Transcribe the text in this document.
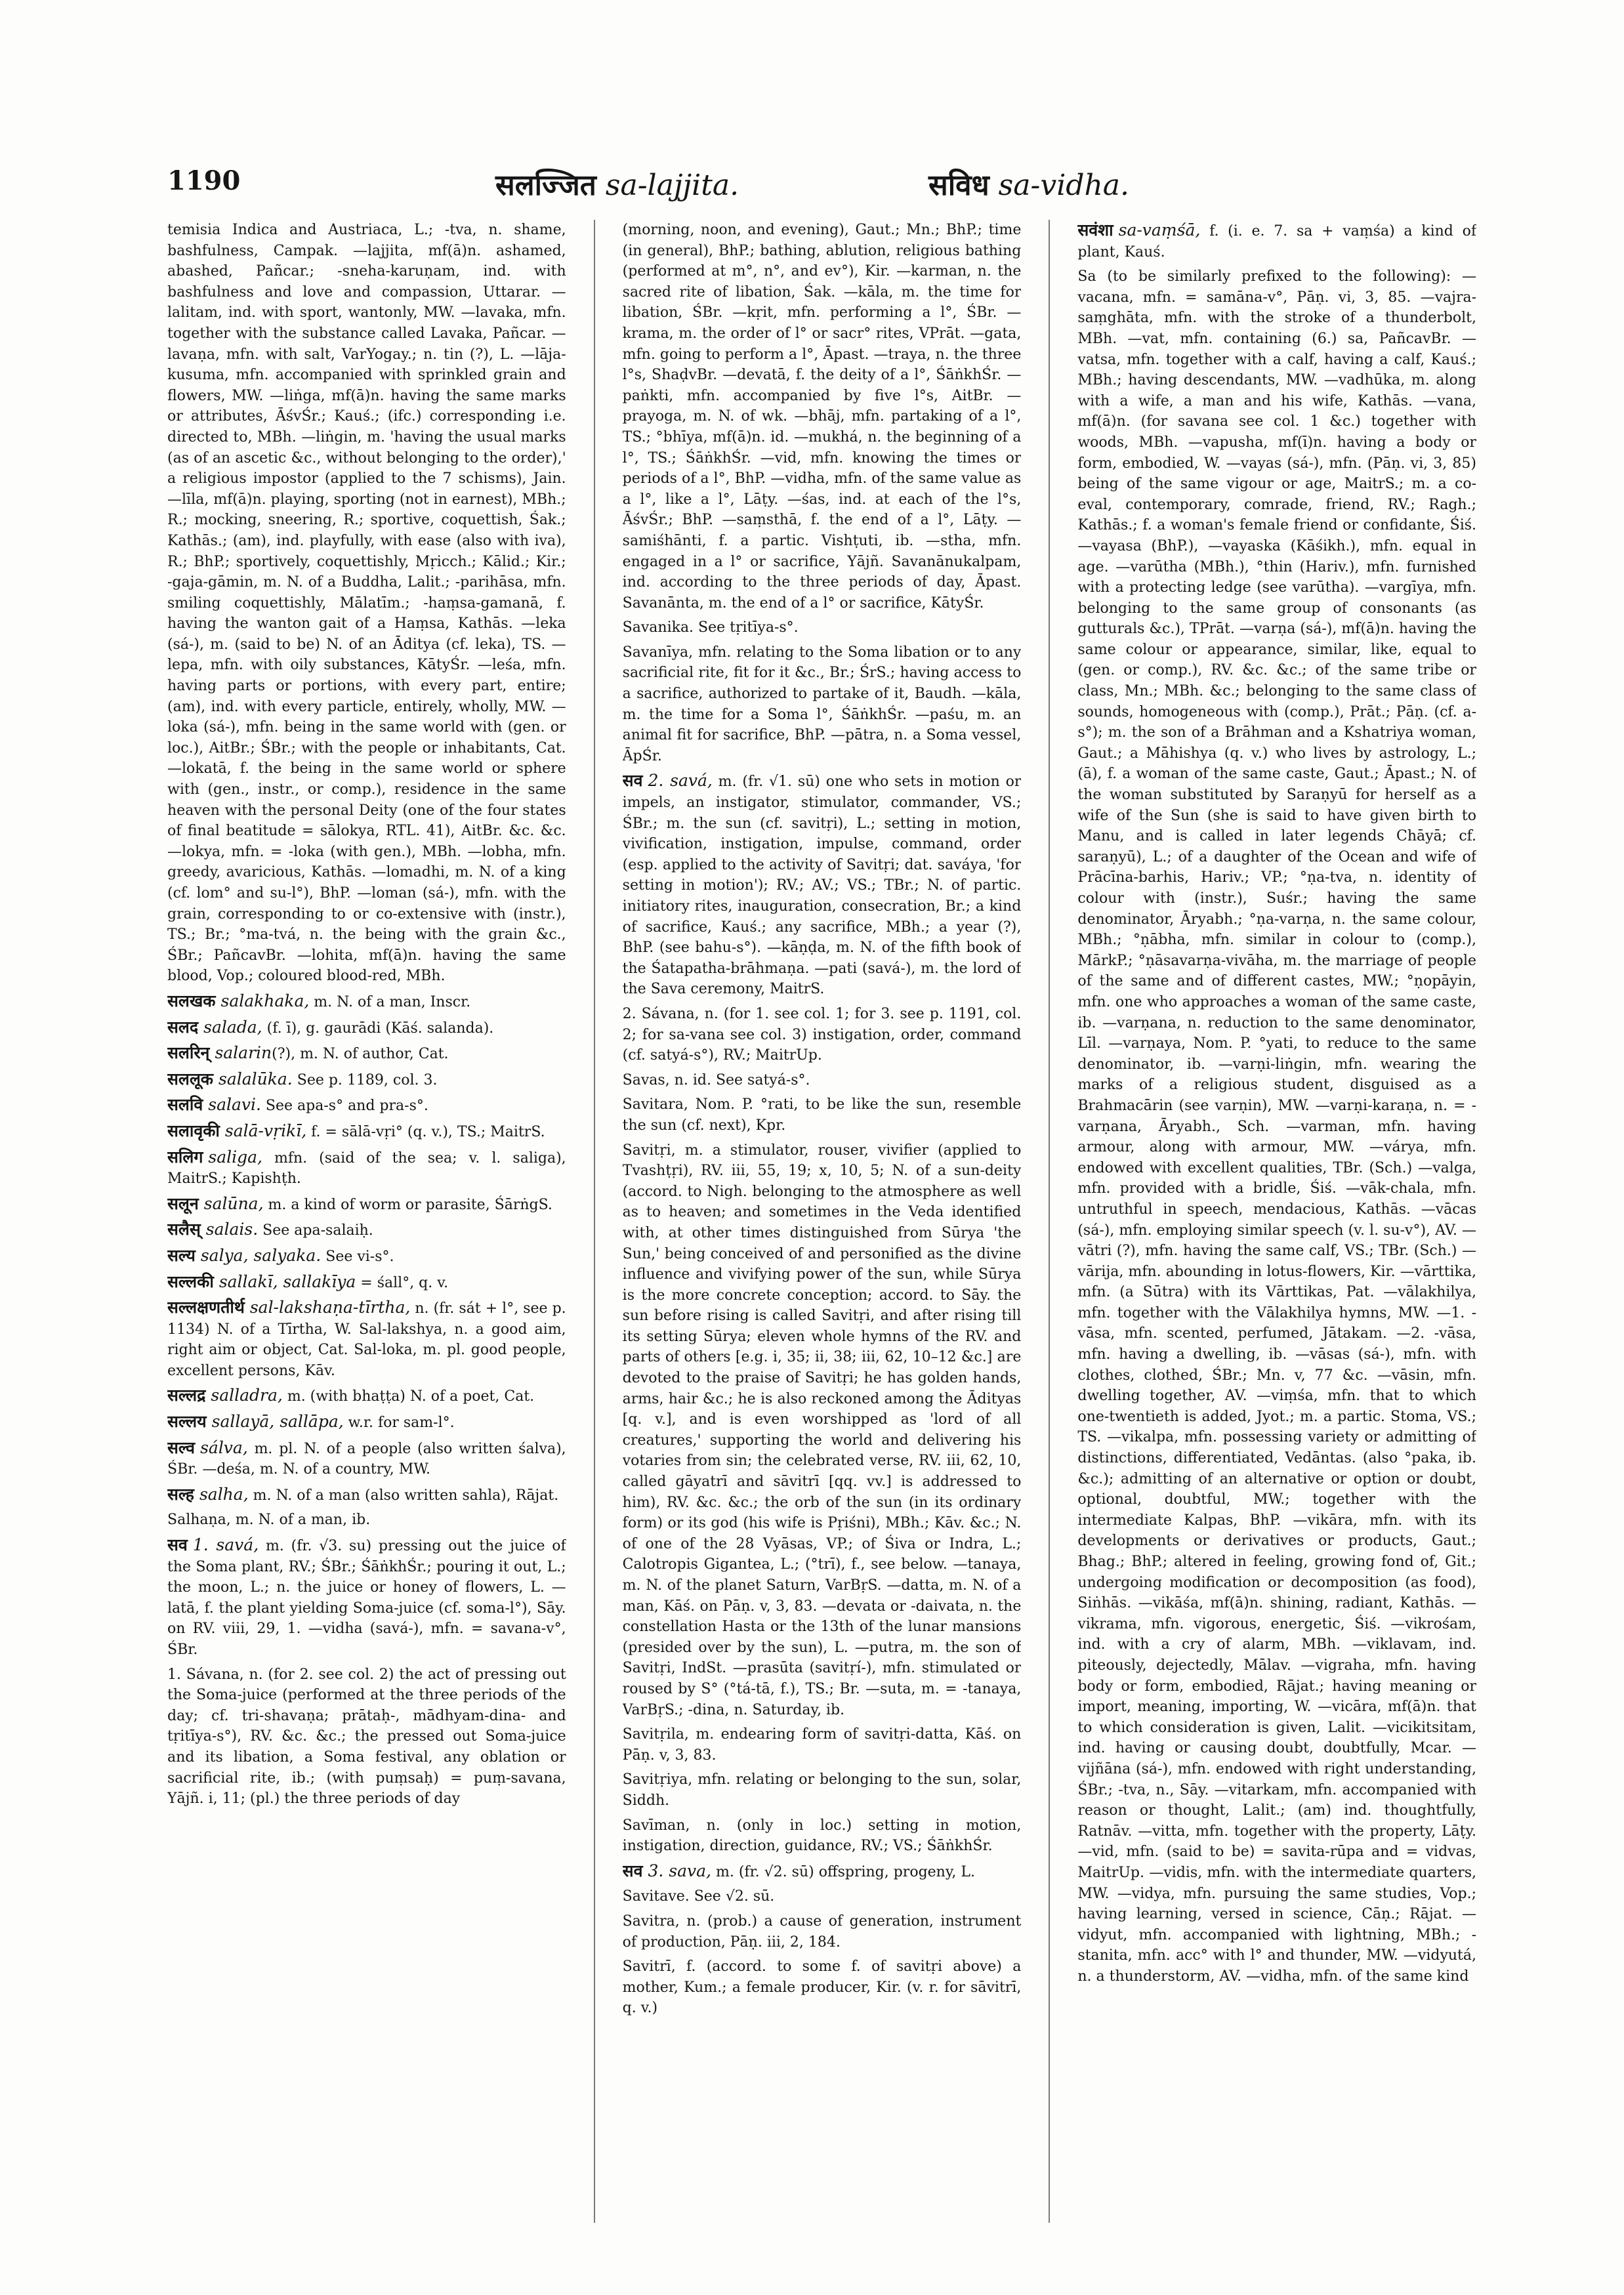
1190	सलज्जित sa-lajjita.	सविध sa-vidha.

temisia Indica and Austriaca, L.; -tva, n. shame, bashfulness, Campak. —lajjita, mf(ā)n. ashamed, abashed, Pañcar.; -sneha-karuṇam, ind. with bashfulness and love and compassion, Uttarar. —lalitam, ind. with sport, wantonly, MW. —lavaka, mfn. together with the substance called Lavaka, Pañcar. —lavaṇa, mfn. with salt, VarYogay.; n. tin (?), L. —lāja-kusuma, mfn. accompanied with sprinkled grain and flowers, MW. —liṅga, mf(ā)n. having the same marks or attributes, ĀśvŚr.; Kauś.; (ifc.) corresponding i.e. directed to, MBh. —liṅgin, m. 'having the usual marks (as of an ascetic &c., without belonging to the order),' a religious impostor (applied to the 7 schisms), Jain. —līla, mf(ā)n. playing, sporting (not in earnest), MBh.; R.; mocking, sneering, R.; sportive, coquettish, Śak.; Kathās.; (am), ind. playfully, with ease (also with iva), R.; BhP.; sportively, coquettishly, Mṛicch.; Kālid.; Kir.; -gaja-gāmin, m. N. of a Buddha, Lalit.; -parihāsa, mfn. smiling coquettishly, Mālatīm.; -haṃsa-gamanā, f. having the wanton gait of a Haṃsa, Kathās. —leka (sá-), m. (said to be) N. of an Āditya (cf. leka), TS. —lepa, mfn. with oily substances, KātyŚr. —leśa, mfn. having parts or portions, with every part, entire; (am), ind. with every particle, entirely, wholly, MW. —loka (sá-), mfn. being in the same world with (gen. or loc.), AitBr.; ŚBr.; with the people or inhabitants, Cat. —lokatā, f. the being in the same world or sphere with (gen., instr., or comp.), residence in the same heaven with the personal Deity (one of the four states of final beatitude = sālokya, RTL. 41), AitBr. &c. &c. —lokya, mfn. = -loka (with gen.), MBh. —lobha, mfn. greedy, avaricious, Kathās. —lomadhi, m. N. of a king (cf. lom° and su-l°), BhP. —loman (sá-), mfn. with the grain, corresponding to or co-extensive with (instr.), TS.; Br.; °ma-tvá, n. the being with the grain &c., ŚBr.; PañcavBr. —lohita, mf(ā)n. having the same blood, Vop.; coloured blood-red, MBh.

सलखक salakhaka, m. N. of a man, Inscr.

सलद salada, (f. ī), g. gaurādi (Kāś. salanda).

सलरिन् salarin(?), m. N. of author, Cat.

सललूक salalūka. See p. 1189, col. 3.

सलवि salavi. See apa-s° and pra-s°.

सलावृकी salā-vṛikī, f. = sālā-vṛi° (q. v.), TS.; MaitrS.

सलिग saliga, mfn. (said of the sea; v. l. saliga), MaitrS.; Kapishṭh.

सलून salūna, m. a kind of worm or parasite, ŚārṅgS.

सलैस् salais. See apa-salaiḥ.

सल्य salya, salyaka. See vi-s°.

सल्लकी sallakī, sallakīya = śall°, q. v.

सल्लक्षणतीर्थ sal-lakshaṇa-tīrtha, n. (fr. sát + l°, see p. 1134) N. of a Tīrtha, W. Sal-lakshya, n. a good aim, right aim or object, Cat. Sal-loka, m. pl. good people, excellent persons, Kāv.

सल्लद्र salladra, m. (with bhaṭṭa) N. of a poet, Cat.

सल्लय sallayā, sallāpa, w.r. for sam-l°.

सल्व sálva, m. pl. N. of a people (also written śalva), ŚBr. —deśa, m. N. of a country, MW.

सल्ह salha, m. N. of a man (also written sahla), Rājat.

Salhaṇa, m. N. of a man, ib.

सव 1. savá, m. (fr. √3. su) pressing out the juice of the Soma plant, RV.; ŚBr.; ŚāṅkhŚr.; pouring it out, L.; the moon, L.; n. the juice or honey of flowers, L. —latā, f. the plant yielding Soma-juice (cf. soma-l°), Sāy. on RV. viii, 29, 1. —vidha (savá-), mfn. = savana-v°, ŚBr.

1. Sávana, n. (for 2. see col. 2) the act of pressing out the Soma-juice (performed at the three periods of the day; cf. tri-shavaṇa; prātaḥ-, mādhyam-dina- and tṛitīya-s°), RV. &c. &c.; the pressed out Soma-juice and its libation, a Soma festival, any oblation or sacrificial rite, ib.; (with puṃsaḥ) = puṃ-savana, Yājñ. i, 11; (pl.) the three periods of day

(morning, noon, and evening), Gaut.; Mn.; BhP.; time (in general), BhP.; bathing, ablution, religious bathing (performed at m°, n°, and ev°), Kir. —karman, n. the sacred rite of libation, Śak. —kāla, m. the time for libation, ŚBr. —kṛit, mfn. performing a l°, ŚBr. —krama, m. the order of l° or sacr° rites, VPrāt. —gata, mfn. going to perform a l°, Āpast. —traya, n. the three l°s, ShaḍvBr. —devatā, f. the deity of a l°, ŚāṅkhŚr. —paṅkti, mfn. accompanied by five l°s, AitBr. —prayoga, m. N. of wk. —bhāj, mfn. partaking of a l°, TS.; °bhīya, mf(ā)n. id. —mukhá, n. the beginning of a l°, TS.; ŚāṅkhŚr. —vid, mfn. knowing the times or periods of a l°, BhP. —vidha, mfn. of the same value as a l°, like a l°, Lāṭy. —śas, ind. at each of the l°s, ĀśvŚr.; BhP. —saṃsthā, f. the end of a l°, Lāṭy. —samiśhānti, f. a partic. Vishṭuti, ib. —stha, mfn. engaged in a l° or sacrifice, Yājñ. Savanānukalpam, ind. according to the three periods of day, Āpast. Savanānta, m. the end of a l° or sacrifice, KātyŚr.

Savanika. See tṛitīya-s°.

Savanīya, mfn. relating to the Soma libation or to any sacrificial rite, fit for it &c., Br.; ŚrS.; having access to a sacrifice, authorized to partake of it, Baudh. —kāla, m. the time for a Soma l°, ŚāṅkhŚr. —paśu, m. an animal fit for sacrifice, BhP. —pātra, n. a Soma vessel, ĀpŚr.

सव 2. savá, m. (fr. √1. sū) one who sets in motion or impels, an instigator, stimulator, commander, VS.; ŚBr.; m. the sun (cf. savitṛi), L.; setting in motion, vivification, instigation, impulse, command, order (esp. applied to the activity of Savitṛi; dat. saváya, 'for setting in motion'); RV.; AV.; VS.; TBr.; N. of partic. initiatory rites, inauguration, consecration, Br.; a kind of sacrifice, Kauś.; any sacrifice, MBh.; a year (?), BhP. (see bahu-s°). —kāṇḍa, m. N. of the fifth book of the Śatapatha-brāhmaṇa. —pati (savá-), m. the lord of the Sava ceremony, MaitrS.

2. Sávana, n. (for 1. see col. 1; for 3. see p. 1191, col. 2; for sa-vana see col. 3) instigation, order, command (cf. satyá-s°), RV.; MaitrUp.

Savas, n. id. See satyá-s°.

Savitara, Nom. P. °rati, to be like the sun, resemble the sun (cf. next), Kpr.

Savitṛi, m. a stimulator, rouser, vivifier (applied to Tvashṭṛi), RV. iii, 55, 19; x, 10, 5; N. of a sun-deity (accord. to Nigh. belonging to the atmosphere as well as to heaven; and sometimes in the Veda identified with, at other times distinguished from Sūrya 'the Sun,' being conceived of and personified as the divine influence and vivifying power of the sun, while Sūrya is the more concrete conception; accord. to Sāy. the sun before rising is called Savitṛi, and after rising till its setting Sūrya; eleven whole hymns of the RV. and parts of others [e.g. i, 35; ii, 38; iii, 62, 10–12 &c.] are devoted to the praise of Savitṛi; he has golden hands, arms, hair &c.; he is also reckoned among the Ādityas [q. v.], and is even worshipped as 'lord of all creatures,' supporting the world and delivering his votaries from sin; the celebrated verse, RV. iii, 62, 10, called gāyatrī and sāvitrī [qq. vv.] is addressed to him), RV. &c. &c.; the orb of the sun (in its ordinary form) or its god (his wife is Pṛiśni), MBh.; Kāv. &c.; N. of one of the 28 Vyāsas, VP.; of Śiva or Indra, L.; Calotropis Gigantea, L.; (°trī), f., see below. —tanaya, m. N. of the planet Saturn, VarBṛS. —datta, m. N. of a man, Kāś. on Pāṇ. v, 3, 83. —devata or -daivata, n. the constellation Hasta or the 13th of the lunar mansions (presided over by the sun), L. —putra, m. the son of Savitṛi, IndSt. —prasūta (savitṛí-), mfn. stimulated or roused by S° (°tá-tā, f.), TS.; Br. —suta, m. = -tanaya, VarBṛS.; -dina, n. Saturday, ib.

Savitṛila, m. endearing form of savitṛi-datta, Kāś. on Pāṇ. v, 3, 83.

Savitṛiya, mfn. relating or belonging to the sun, solar, Siddh.

Savīman, n. (only in loc.) setting in motion, instigation, direction, guidance, RV.; VS.; ŚāṅkhŚr.

सव 3. sava, m. (fr. √2. sū) offspring, progeny, L.

Savitave. See √2. sū.

Savitra, n. (prob.) a cause of generation, instrument of production, Pāṇ. iii, 2, 184.

Savitrī, f. (accord. to some f. of savitṛi above) a mother, Kum.; a female producer, Kir. (v. r. for sāvitrī, q. v.)

सवंशा sa-vaṃśā, f. (i. e. 7. sa + vaṃśa) a kind of plant, Kauś.

Sa (to be similarly prefixed to the following): —vacana, mfn. = samāna-v°, Pāṇ. vi, 3, 85. —vajra-saṃghāta, mfn. with the stroke of a thunderbolt, MBh. —vat, mfn. containing (6.) sa, PañcavBr. —vatsa, mfn. together with a calf, having a calf, Kauś.; MBh.; having descendants, MW. —vadhūka, m. along with a wife, a man and his wife, Kathās. —vana, mf(ā)n. (for savana see col. 1 &c.) together with woods, MBh. —vapusha, mf(ī)n. having a body or form, embodied, W. —vayas (sá-), mfn. (Pāṇ. vi, 3, 85) being of the same vigour or age, MaitrS.; m. a co-eval, contemporary, comrade, friend, RV.; Ragh.; Kathās.; f. a woman's female friend or confidante, Śiś. —vayasa (BhP.), —vayaska (Kāśikh.), mfn. equal in age. —varūtha (MBh.), °thin (Hariv.), mfn. furnished with a protecting ledge (see varūtha). —vargīya, mfn. belonging to the same group of consonants (as gutturals &c.), TPrāt. —varṇa (sá-), mf(ā)n. having the same colour or appearance, similar, like, equal to (gen. or comp.), RV. &c. &c.; of the same tribe or class, Mn.; MBh. &c.; belonging to the same class of sounds, homogeneous with (comp.), Prāt.; Pāṇ. (cf. a-s°); m. the son of a Brāhman and a Kshatriya woman, Gaut.; a Māhishya (q. v.) who lives by astrology, L.; (ā), f. a woman of the same caste, Gaut.; Āpast.; N. of the woman substituted by Saraṇyū for herself as a wife of the Sun (she is said to have given birth to Manu, and is called in later legends Chāyā; cf. saraṇyū), L.; of a daughter of the Ocean and wife of Prācīna-barhis, Hariv.; VP.; °ṇa-tva, n. identity of colour with (instr.), Suśr.; having the same denominator, Āryabh.; °ṇa-varṇa, n. the same colour, MBh.; °ṇābha, mfn. similar in colour to (comp.), MārkP.; °ṇāsavarṇa-vivāha, m. the marriage of people of the same and of different castes, MW.; °ṇopāyin, mfn. one who approaches a woman of the same caste, ib. —varṇana, n. reduction to the same denominator, Līl. —varṇaya, Nom. P. °yati, to reduce to the same denominator, ib. —varṇi-liṅgin, mfn. wearing the marks of a religious student, disguised as a Brahmacārin (see varṇin), MW. —varṇi-karaṇa, n. = -varṇana, Āryabh., Sch. —varman, mfn. having armour, along with armour, MW. —várya, mfn. endowed with excellent qualities, TBr. (Sch.) —valga, mfn. provided with a bridle, Śiś. —vāk-chala, mfn. untruthful in speech, mendacious, Kathās. —vācas (sá-), mfn. employing similar speech (v. l. su-v°), AV. —vātri (?), mfn. having the same calf, VS.; TBr. (Sch.) —vārija, mfn. abounding in lotus-flowers, Kir. —vārttika, mfn. (a Sūtra) with its Vārttikas, Pat. —vālakhilya, mfn. together with the Vālakhilya hymns, MW. —1. -vāsa, mfn. scented, perfumed, Jātakam. —2. -vāsa, mfn. having a dwelling, ib. —vāsas (sá-), mfn. with clothes, clothed, ŚBr.; Mn. v, 77 &c. —vāsin, mfn. dwelling together, AV. —viṃśa, mfn. that to which one-twentieth is added, Jyot.; m. a partic. Stoma, VS.; TS. —vikalpa, mfn. possessing variety or admitting of distinctions, differentiated, Vedāntas. (also °paka, ib. &c.); admitting of an alternative or option or doubt, optional, doubtful, MW.; together with the intermediate Kalpas, BhP. —vikāra, mfn. with its developments or derivatives or products, Gaut.; Bhag.; BhP.; altered in feeling, growing fond of, Git.; undergoing modification or decomposition (as food), Siṅhās. —vikāśa, mf(ā)n. shining, radiant, Kathās. —vikrama, mfn. vigorous, energetic, Śiś. —vikrośam, ind. with a cry of alarm, MBh. —viklavam, ind. piteously, dejectedly, Mālav. —vigraha, mfn. having body or form, embodied, Rājat.; having meaning or import, meaning, importing, W. —vicāra, mf(ā)n. that to which consideration is given, Lalit. —vicikitsitam, ind. having or causing doubt, doubtfully, Mcar. —vijñāna (sá-), mfn. endowed with right understanding, ŚBr.; -tva, n., Sāy. —vitarkam, mfn. accompanied with reason or thought, Lalit.; (am) ind. thoughtfully, Ratnāv. —vitta, mfn. together with the property, Lāṭy. —vid, mfn. (said to be) = savita-rūpa and = vidvas, MaitrUp. —vidis, mfn. with the intermediate quarters, MW. —vidya, mfn. pursuing the same studies, Vop.; having learning, versed in science, Cāṇ.; Rājat. —vidyut, mfn. accompanied with lightning, MBh.; -stanita, mfn. acc° with l° and thunder, MW. —vidyutá, n. a thunderstorm, AV. —vidha, mfn. of the same kind
